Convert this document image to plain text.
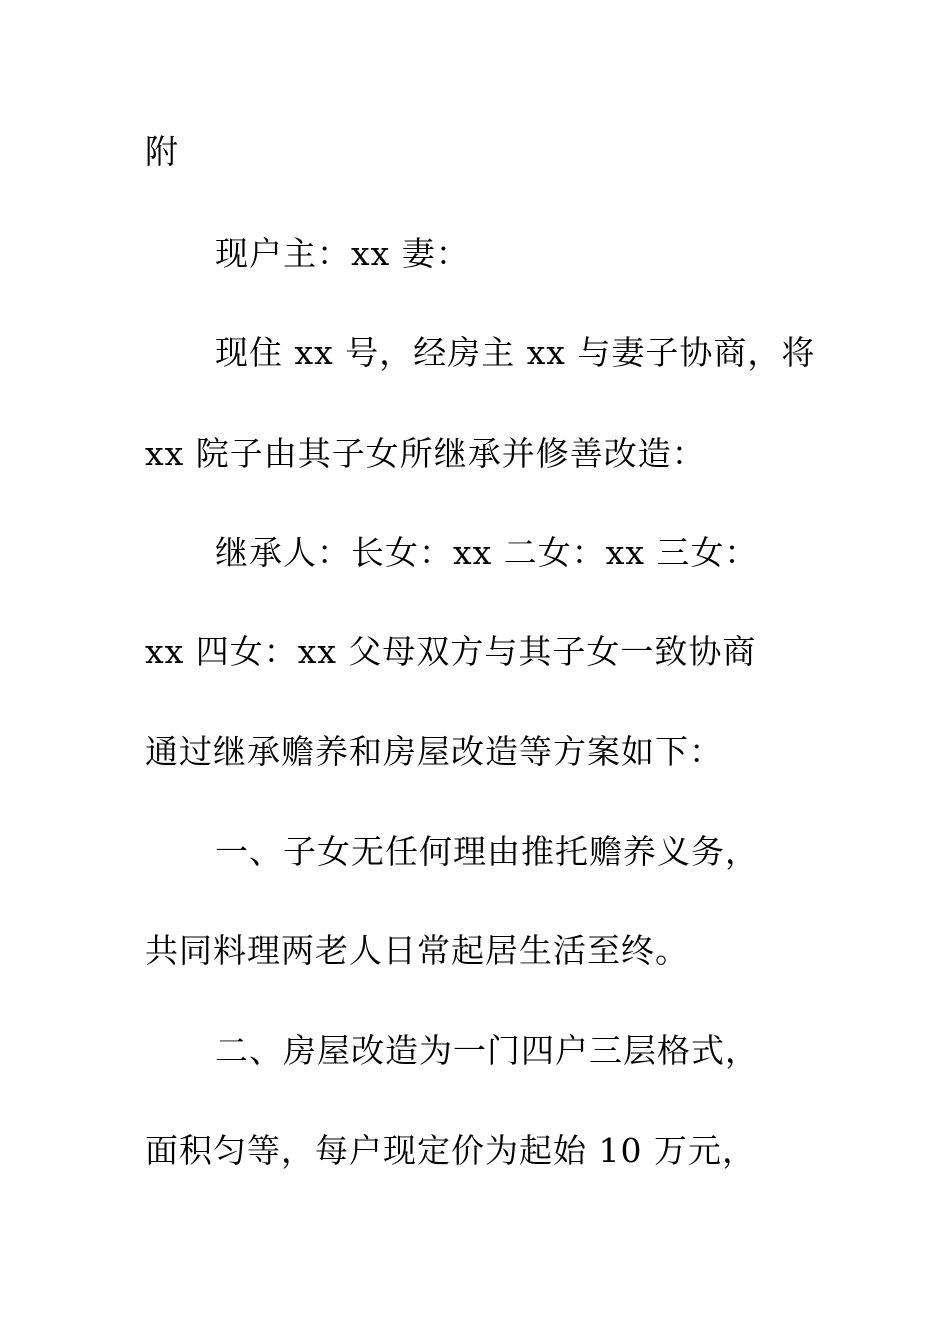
附

现户主：xx 妻：

现住 xx 号，经房主 xx 与妻子协商，将

xx 院子由其子女所继承并修善改造：

继承人：长女：xx 二女：xx 三女：

xx 四女：xx 父母双方与其子女一致协商

通过继承赡养和房屋改造等方案如下：

一、子女无任何理由推托赡养义务，

共同料理两老人日常起居生活至终。

二、房屋改造为一门四户三层格式，

面积匀等，每户现定价为起始 10 万元，
